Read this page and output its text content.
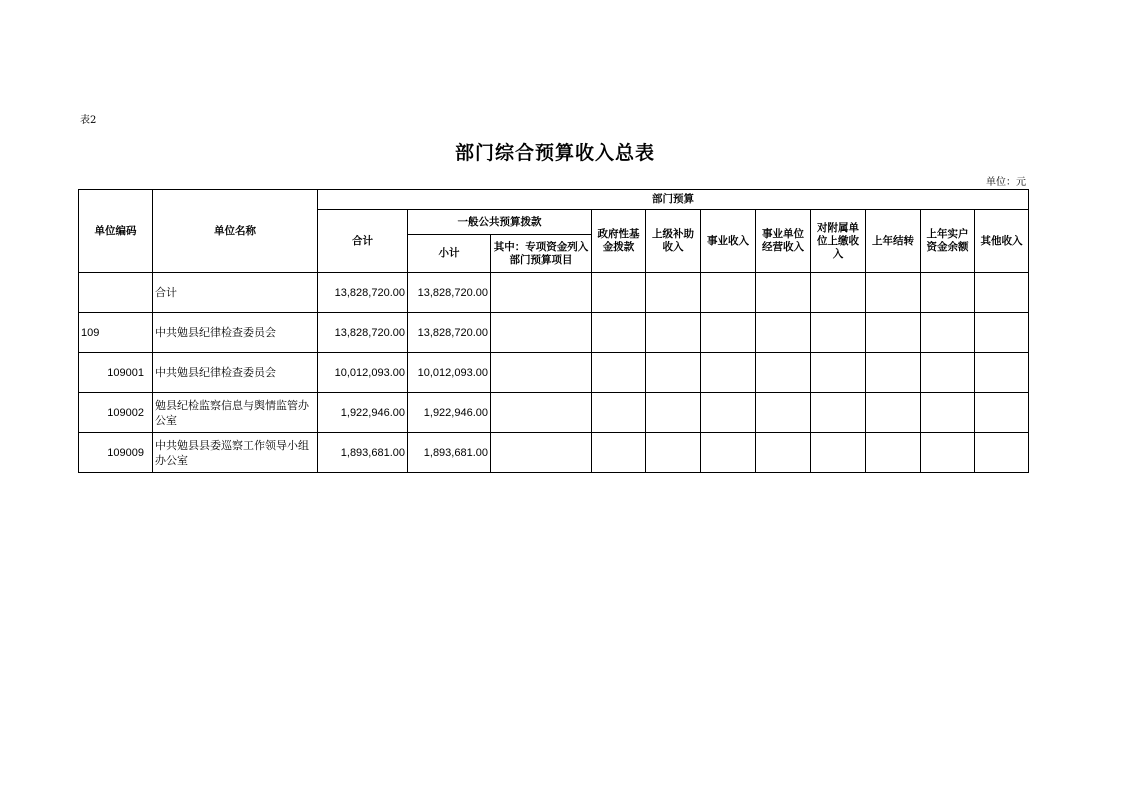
表2
部门综合预算收入总表
单位：元
单位编码	单位名称	部门预算										
		合计	一般公共预算拨款		政府性基金拨款	上级补助收入	事业收入	事业单位经营收入	对附属单位上缴收入	上年结转	上年实户资金余额	其他收入
			小计	其中：专项资金列入部门预算项目								
	合计	13,828,720.00	13,828,720.00									
109	中共勉县纪律检查委员会	13,828,720.00	13,828,720.00									
109001	中共勉县纪律检查委员会	10,012,093.00	10,012,093.00									
109002	勉县纪检监察信息与舆情监管办公室	1,922,946.00	1,922,946.00									
109009	中共勉县县委巡察工作领导小组办公室	1,893,681.00	1,893,681.00									
